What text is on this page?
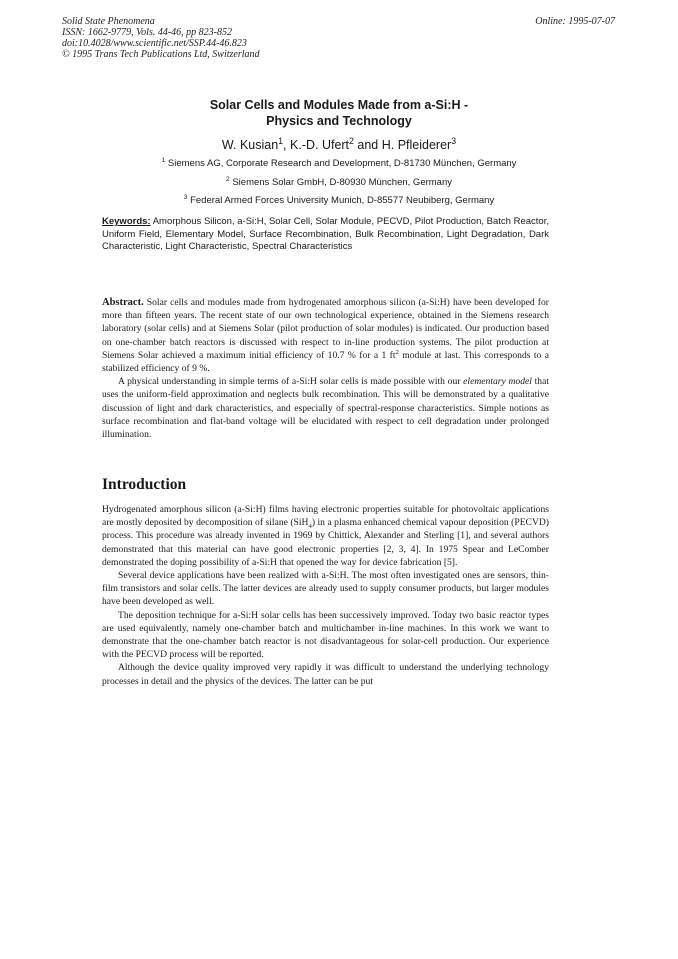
Solid State Phenomena
ISSN: 1662-9779, Vols. 44-46, pp 823-852
doi:10.4028/www.scientific.net/SSP.44-46.823
© 1995 Trans Tech Publications Ltd, Switzerland
Online: 1995-07-07
Solar Cells and Modules Made from a-Si:H -
Physics and Technology
W. Kusian$^1$, K.-D. Ufert$^2$ and H. Pfleiderer$^3$
$^1$ Siemens AG, Corporate Research and Development, D-81730 München, Germany
$^2$ Siemens Solar GmbH, D-80930 München, Germany
$^3$ Federal Armed Forces University Munich, D-85577 Neubiberg, Germany
Keywords: Amorphous Silicon, a-Si:H, Solar Cell, Solar Module, PECVD, Pilot Production, Batch Reactor, Uniform Field, Elementary Model, Surface Recombination, Bulk Recombination, Light Degradation, Dark Characteristic, Light Characteristic, Spectral Characteristics

Abstract. Solar cells and modules made from hydrogenated amorphous silicon (a-Si:H) have been developed for more than fifteen years. The recent state of our own technological experience, obtained in the Siemens research laboratory (solar cells) and at Siemens Solar (pilot production of solar modules) is indicated. Our production based on one-chamber batch reactors is discussed with respect to in-line production systems. The pilot production at Siemens Solar achieved a maximum initial efficiency of 10.7 % for a 1 $ft^2$ module at last. This corresponds to a stabilized efficiency of 9 %.

A physical understanding in simple terms of a-Si:H solar cells is made possible with our elementary model that uses the uniform-field approximation and neglects bulk recombination. This will be demonstrated by a qualitative discussion of light and dark characteristics, and especially of spectral-response characteristics. Simple notions as surface recombination and flat-band voltage will be elucidated with respect to cell degradation under prolonged illumination.

Introduction

Hydrogenated amorphous silicon (a-Si:H) films having electronic properties suitable for photovoltaic applications are mostly deposited by decomposition of silane (SiH$_4$) in a plasma enhanced chemical vapour deposition (PECVD) process. This procedure was already invented in 1969 by Chittick, Alexander and Sterling [1], and several authors demonstrated that this material can have good electronic properties [2, 3, 4]. In 1975 Spear and LeComber demonstrated the doping possibility of a-Si:H that opened the way for device fabrication [5].

Several device applications have been realized with a-Si:H. The most often investigated ones are sensors, thin-film transistors and solar cells. The latter devices are already used to supply consumer products, but larger modules have been developed as well.

The deposition technique for a-Si:H solar cells has been successively improved. Today two basic reactor types are used equivalently, namely one-chamber batch and multichamber in-line machines. In this work we want to demonstrate that the one-chamber batch reactor is not disadvantageous for solar-cell production. Our experience with the PECVD process will be reported.

Although the device quality improved very rapidly it was difficult to understand the underlying technology processes in detail and the physics of the devices. The latter can be put
